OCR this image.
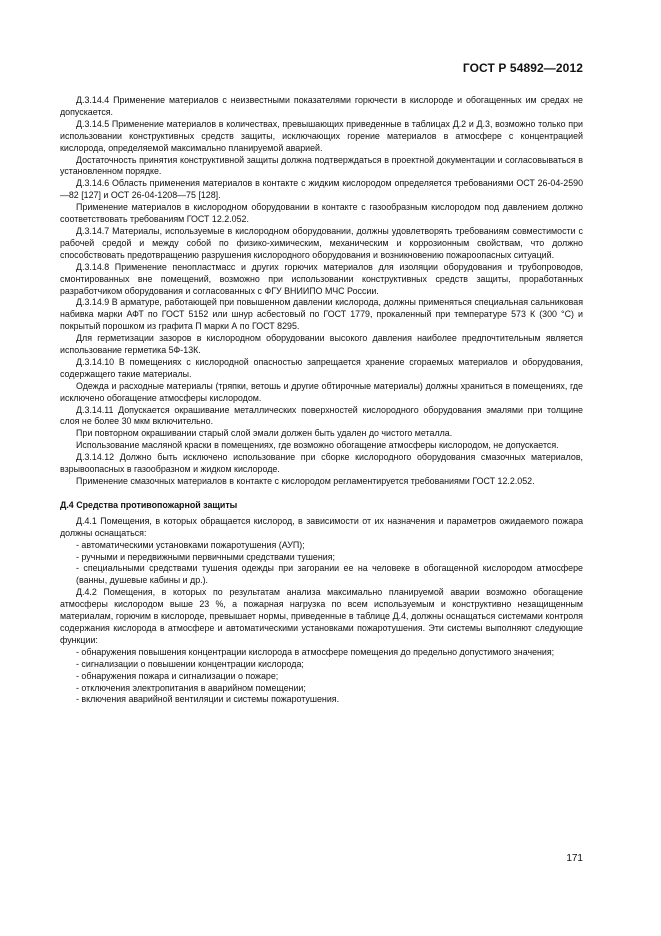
ГОСТ Р 54892—2012

Д.3.14.4 Применение материалов с неизвестными показателями горючести в кислороде и обогащенных им средах не допускается.

Д.3.14.5 Применение материалов в количествах, превышающих приведенные в таблицах Д.2 и Д.3, возможно только при использовании конструктивных средств защиты, исключающих горение материалов в атмосфере с концентрацией кислорода, определяемой максимально планируемой аварией.

Достаточность принятия конструктивной защиты должна подтверждаться в проектной документации и согласовываться в установленном порядке.

Д.3.14.6 Область применения материалов в контакте с жидким кислородом определяется требованиями ОСТ 26-04-2590—82 [127] и ОСТ 26-04-1208—75 [128].

Применение материалов в кислородном оборудовании в контакте с газообразным кислородом под давлением должно соответствовать требованиям ГОСТ 12.2.052.

Д.3.14.7 Материалы, используемые в кислородном оборудовании, должны удовлетворять требованиям совместимости с рабочей средой и между собой по физико-химическим, механическим и коррозионным свойствам, что должно способствовать предотвращению разрушения кислородного оборудования и возникновению пожароопасных ситуаций.

Д.3.14.8 Применение пенопластмасс и других горючих материалов для изоляции оборудования и трубопроводов, смонтированных вне помещений, возможно при использовании конструктивных средств защиты, проработанных разработчиком оборудования и согласованных с ФГУ ВНИИПО МЧС России.

Д.3.14.9 В арматуре, работающей при повышенном давлении кислорода, должны применяться специальная сальниковая набивка марки АФТ по ГОСТ 5152 или шнур асбестовый по ГОСТ 1779, прокаленный при температуре 573 К (300 °С) и покрытый порошком из графита П марки А по ГОСТ 8295.

Для герметизации зазоров в кислородном оборудовании высокого давления наиболее предпочтительным является использование герметика 5Ф-13К.

Д.3.14.10 В помещениях с кислородной опасностью запрещается хранение сгораемых материалов и оборудования, содержащего такие материалы.

Одежда и расходные материалы (тряпки, ветошь и другие обтирочные материалы) должны храниться в помещениях, где исключено обогащение атмосферы кислородом.

Д.3.14.11 Допускается окрашивание металлических поверхностей кислородного оборудования эмалями при толщине слоя не более 30 мкм включительно.

При повторном окрашивании старый слой эмали должен быть удален до чистого металла.

Использование масляной краски в помещениях, где возможно обогащение атмосферы кислородом, не допускается.

Д.3.14.12 Должно быть исключено использование при сборке кислородного оборудования смазочных материалов, взрывоопасных в газообразном и жидком кислороде.

Применение смазочных материалов в контакте с кислородом регламентируется требованиями ГОСТ 12.2.052.

Д.4 Средства противопожарной защиты

Д.4.1 Помещения, в которых обращается кислород, в зависимости от их назначения и параметров ожидаемого пожара должны оснащаться:

- автоматическими установками пожаротушения (АУП);

- ручными и передвижными первичными средствами тушения;

- специальными средствами тушения одежды при загорании ее на человеке в обогащенной кислородом атмосфере (ванны, душевые кабины и др.).

Д.4.2 Помещения, в которых по результатам анализа максимально планируемой аварии возможно обогащение атмосферы кислородом выше 23 %, а пожарная нагрузка по всем используемым и конструктивно незащищенным материалам, горючим в кислороде, превышает нормы, приведенные в таблице Д.4, должны оснащаться системами контроля содержания кислорода в атмосфере и автоматическими установками пожаротушения. Эти системы выполняют следующие функции:

- обнаружения повышения концентрации кислорода в атмосфере помещения до предельно допустимого значения;

- сигнализации о повышении концентрации кислорода;

- обнаружения пожара и сигнализации о пожаре;

- отключения электропитания в аварийном помещении;

- включения аварийной вентиляции и системы пожаротушения.

171
